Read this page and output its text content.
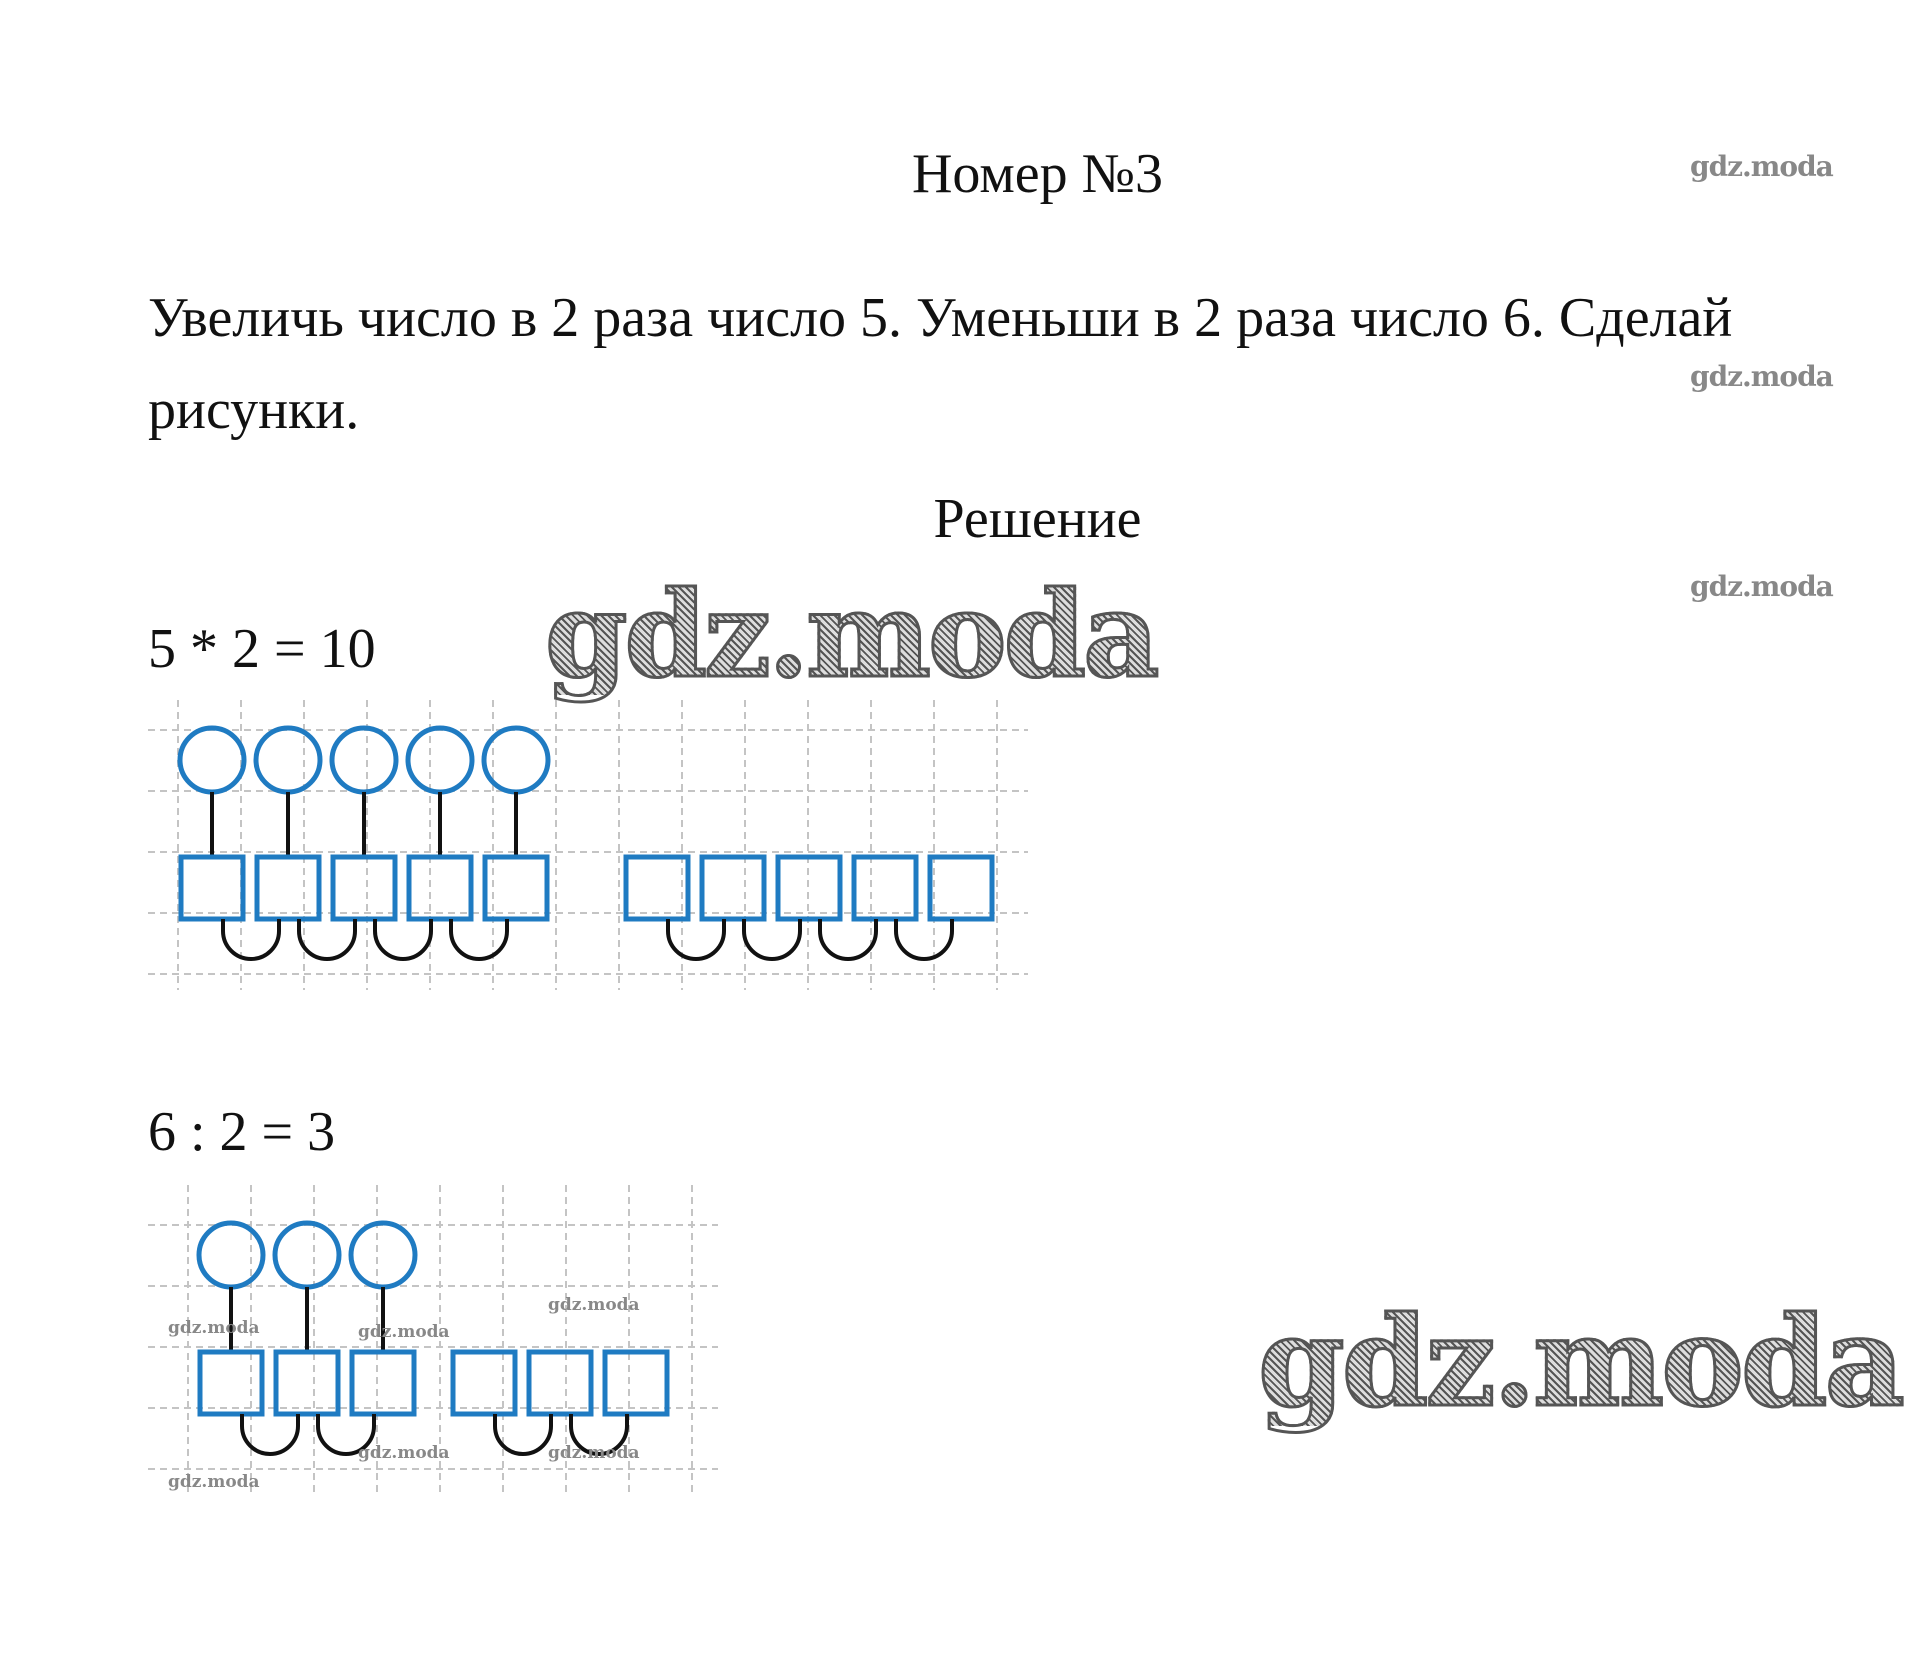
Номер №3	gdz.moda
Увеличь число в 2 раза число 5. Уменьши в 2 раза число 6. Сделай рисунки.
gdz.moda
Решение
gdz.moda
5 * 2 = 10 gdz.moda
6 : 2 = 3
gdz.moda	gdz.moda
gdz.moda
gdz.moda	gdz.moda
gdz.moda
gdz.moda
